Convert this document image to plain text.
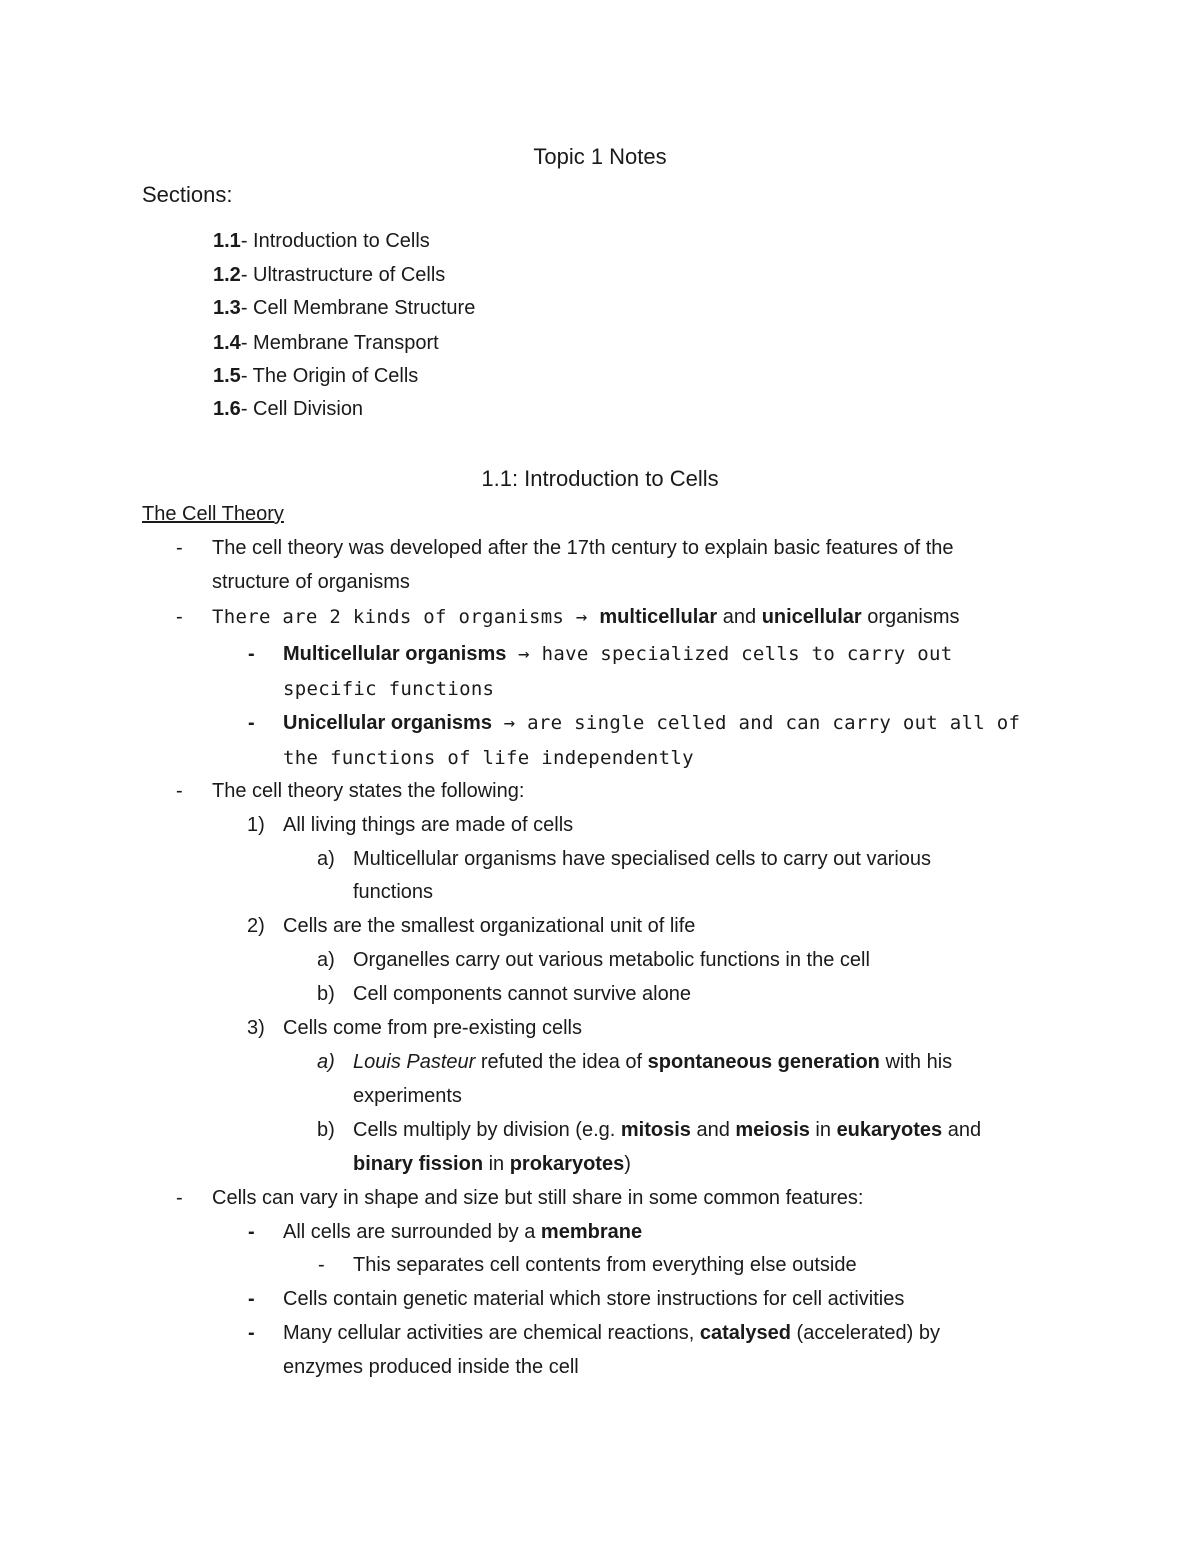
Topic 1 Notes
Sections:
1.1- Introduction to Cells
1.2- Ultrastructure of Cells
1.3- Cell Membrane Structure
1.4- Membrane Transport
1.5- The Origin of Cells
1.6- Cell Division
1.1: Introduction to Cells
The Cell Theory
- The cell theory was developed after the 17th century to explain basic features of the
structure of organisms
- There are 2 kinds of organisms → multicellular and unicellular organisms
- Multicellular organisms → have specialized cells to carry out
specific functions
- Unicellular organisms → are single celled and can carry out all of
the functions of life independently
- The cell theory states the following:
1) All living things are made of cells
a) Multicellular organisms have specialised cells to carry out various
functions
2) Cells are the smallest organizational unit of life
a) Organelles carry out various metabolic functions in the cell
b) Cell components cannot survive alone
3) Cells come from pre-existing cells
a) Louis Pasteur refuted the idea of spontaneous generation with his
experiments
b) Cells multiply by division (e.g. mitosis and meiosis in eukaryotes and
binary fission in prokaryotes)
- Cells can vary in shape and size but still share in some common features:
- All cells are surrounded by a membrane
- This separates cell contents from everything else outside
- Cells contain genetic material which store instructions for cell activities
- Many cellular activities are chemical reactions, catalysed (accelerated) by
enzymes produced inside the cell
